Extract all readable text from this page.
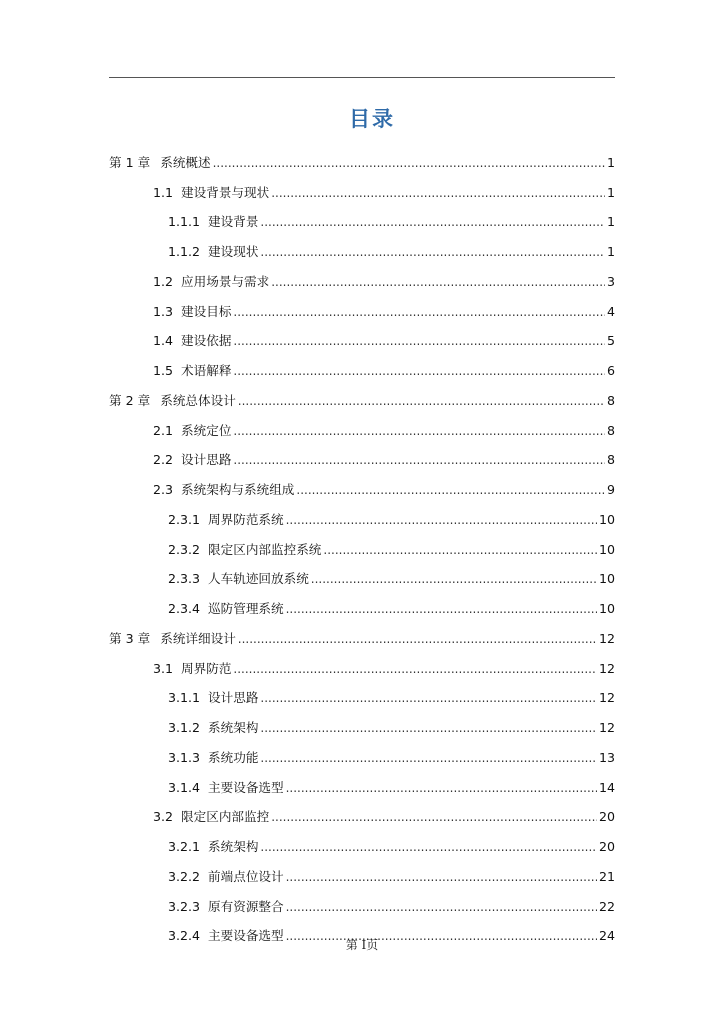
目录
第 1 章 系统概述 .....	1
1.1 建设背景与现状 .....	1
1.1.1 建设背景 .....	1
1.1.2 建设现状 .....	1
1.2 应用场景与需求 .....	3
1.3 建设目标 .....	4
1.4 建设依据 .....	5
1.5 术语解释 .....	6
第 2 章 系统总体设计 .....	8
2.1 系统定位 .....	8
2.2 设计思路 .....	8
2.3 系统架构与系统组成 .....	9
2.3.1 周界防范系统 .....	10
2.3.2 限定区内部监控系统 .....	10
2.3.3 人车轨迹回放系统 .....	10
2.3.4 巡防管理系统 .....	10
第 3 章 系统详细设计 .....	12
3.1 周界防范 .....	12
3.1.1 设计思路 .....	12
3.1.2 系统架构 .....	12
3.1.3 系统功能 .....	13
3.1.4 主要设备选型 .....	14
3.2 限定区内部监控 .....	20
3.2.1 系统架构 .....	20
3.2.2 前端点位设计 .....	21
3.2.3 原有资源整合 .....	22
3.2.4 主要设备选型 .....	24
第 I页
